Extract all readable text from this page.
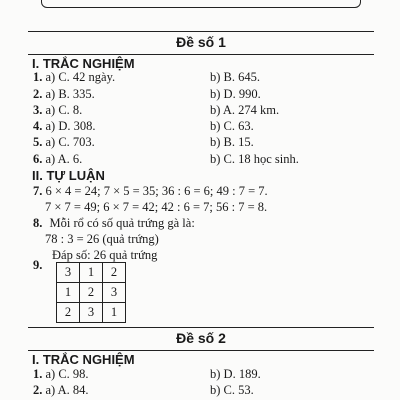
Đề số 1
I. TRẮC NGHIỆM
1. a) C. 42 ngày.	b) B. 645.
2. a) B. 335.	b) D. 990.
3. a) C. 8.	b) A. 274 km.
4. a) D. 308.	b) C. 63.
5. a) C. 703.	b) B. 15.
6. a) A. 6.	b) C. 18 học sinh.
II. TỰ LUẬN
7. 6 × 4 = 24; 7 × 5 = 35; 36 : 6 = 6; 49 : 7 = 7.
7 × 7 = 49; 6 × 7 = 42; 42 : 6 = 7; 56 : 7 = 8.
8. Mỗi rổ có số quả trứng gà là:
78 : 3 = 26 (quả trứng)
Đáp số: 26 quả trứng
9. 3	1	2
1	2	3
2	3	1
Đề số 2
I. TRẮC NGHIỆM
1. a) C. 98.	b) D. 189.
2. a) A. 84.	b) C. 53.
